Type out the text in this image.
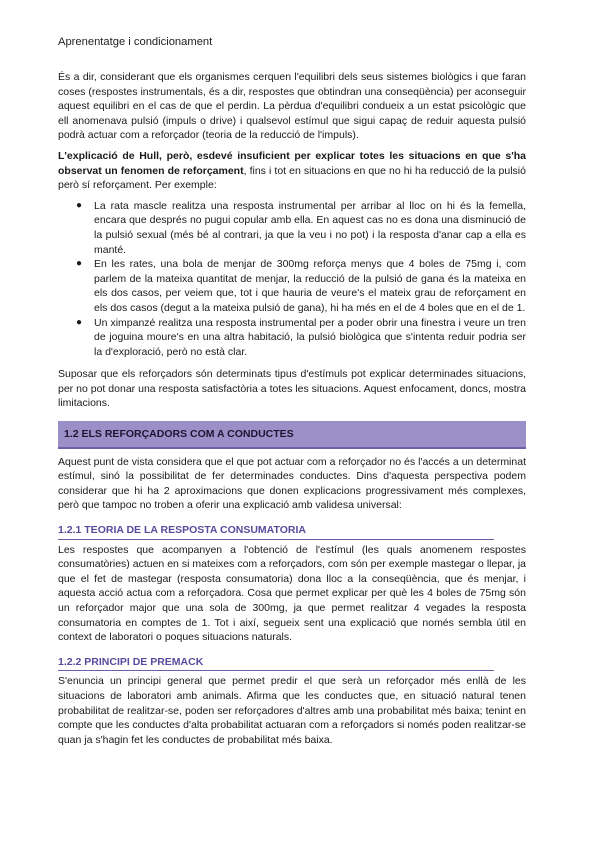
Aprenentatge i condicionament

És a dir, considerant que els organismes cerquen l'equilibri dels seus sistemes biològics i que faran coses (respostes instrumentals, és a dir, respostes que obtindran una conseqüència) per aconseguir aquest equilibri en el cas de que el perdin. La pèrdua d'equilibri condueix a un estat psicològic que ell anomenava pulsió (impuls o drive) i qualsevol estímul que sigui capaç de reduir aquesta pulsió podrà actuar com a reforçador (teoria de la reducció de l'impuls).

L'explicació de Hull, però, esdevé insuficient per explicar totes les situacions en que s'ha observat un fenomen de reforçament, fins i tot en situacions en que no hi ha reducció de la pulsió però sí reforçament. Per exemple:

● La rata mascle realitza una resposta instrumental per arribar al lloc on hi és la femella, encara que després no pugui copular amb ella. En aquest cas no es dona una disminució de la pulsió sexual (més bé al contrari, ja que la veu i no pot) i la resposta d'anar cap a ella es manté.
● En les rates, una bola de menjar de 300mg reforça menys que 4 boles de 75mg i, com parlem de la mateixa quantitat de menjar, la reducció de la pulsió de gana és la mateixa en els dos casos, per veiem que, tot i que hauria de veure's el mateix grau de reforçament en els dos casos (degut a la mateixa pulsió de gana), hi ha més en el de 4 boles que en el de 1.
● Un ximpanzé realitza una resposta instrumental per a poder obrir una finestra i veure un tren de joguina moure's en una altra habitació, la pulsió biològica que s'intenta reduir podria ser la d'exploració, però no està clar.

Suposar que els reforçadors són determinats tipus d'estímuls pot explicar determinades situacions, per no pot donar una resposta satisfactòria a totes les situacions. Aquest enfocament, doncs, mostra limitacions.

1.2 ELS REFORÇADORS COM A CONDUCTES

Aquest punt de vista considera que el que pot actuar com a reforçador no és l'accés a un determinat estímul, sinó la possibilitat de fer determinades conductes. Dins d'aquesta perspectiva podem considerar que hi ha 2 aproximacions que donen explicacions progressivament més complexes, però que tampoc no troben a oferir una explicació amb validesa universal:

1.2.1 TEORIA DE LA RESPOSTA CONSUMATORIA

Les respostes que acompanyen a l'obtenció de l'estímul (les quals anomenem respostes consumatòries) actuen en si mateixes com a reforçadors, com són per exemple mastegar o llepar, ja que el fet de mastegar (resposta consumatoria) dona lloc a la conseqüència, que és menjar, i aquesta acció actua com a reforçadora. Cosa que permet explicar per què les 4 boles de 75mg són un reforçador major que una sola de 300mg, ja que permet realitzar 4 vegades la resposta consumatoria en comptes de 1. Tot i així, segueix sent una explicació que només sembla útil en context de laboratori o poques situacions naturals.

1.2.2 PRINCIPI DE PREMACK

S'enuncia un principi general que permet predir el que serà un reforçador més enllà de les situacions de laboratori amb animals. Afirma que les conductes que, en situació natural tenen probabilitat de realitzar-se, poden ser reforçadores d'altres amb una probabilitat més baixa; tenint en compte que les conductes d'alta probabilitat actuaran com a reforçadors si només poden realitzar-se quan ja s'hagin fet les conductes de probabilitat més baixa.
